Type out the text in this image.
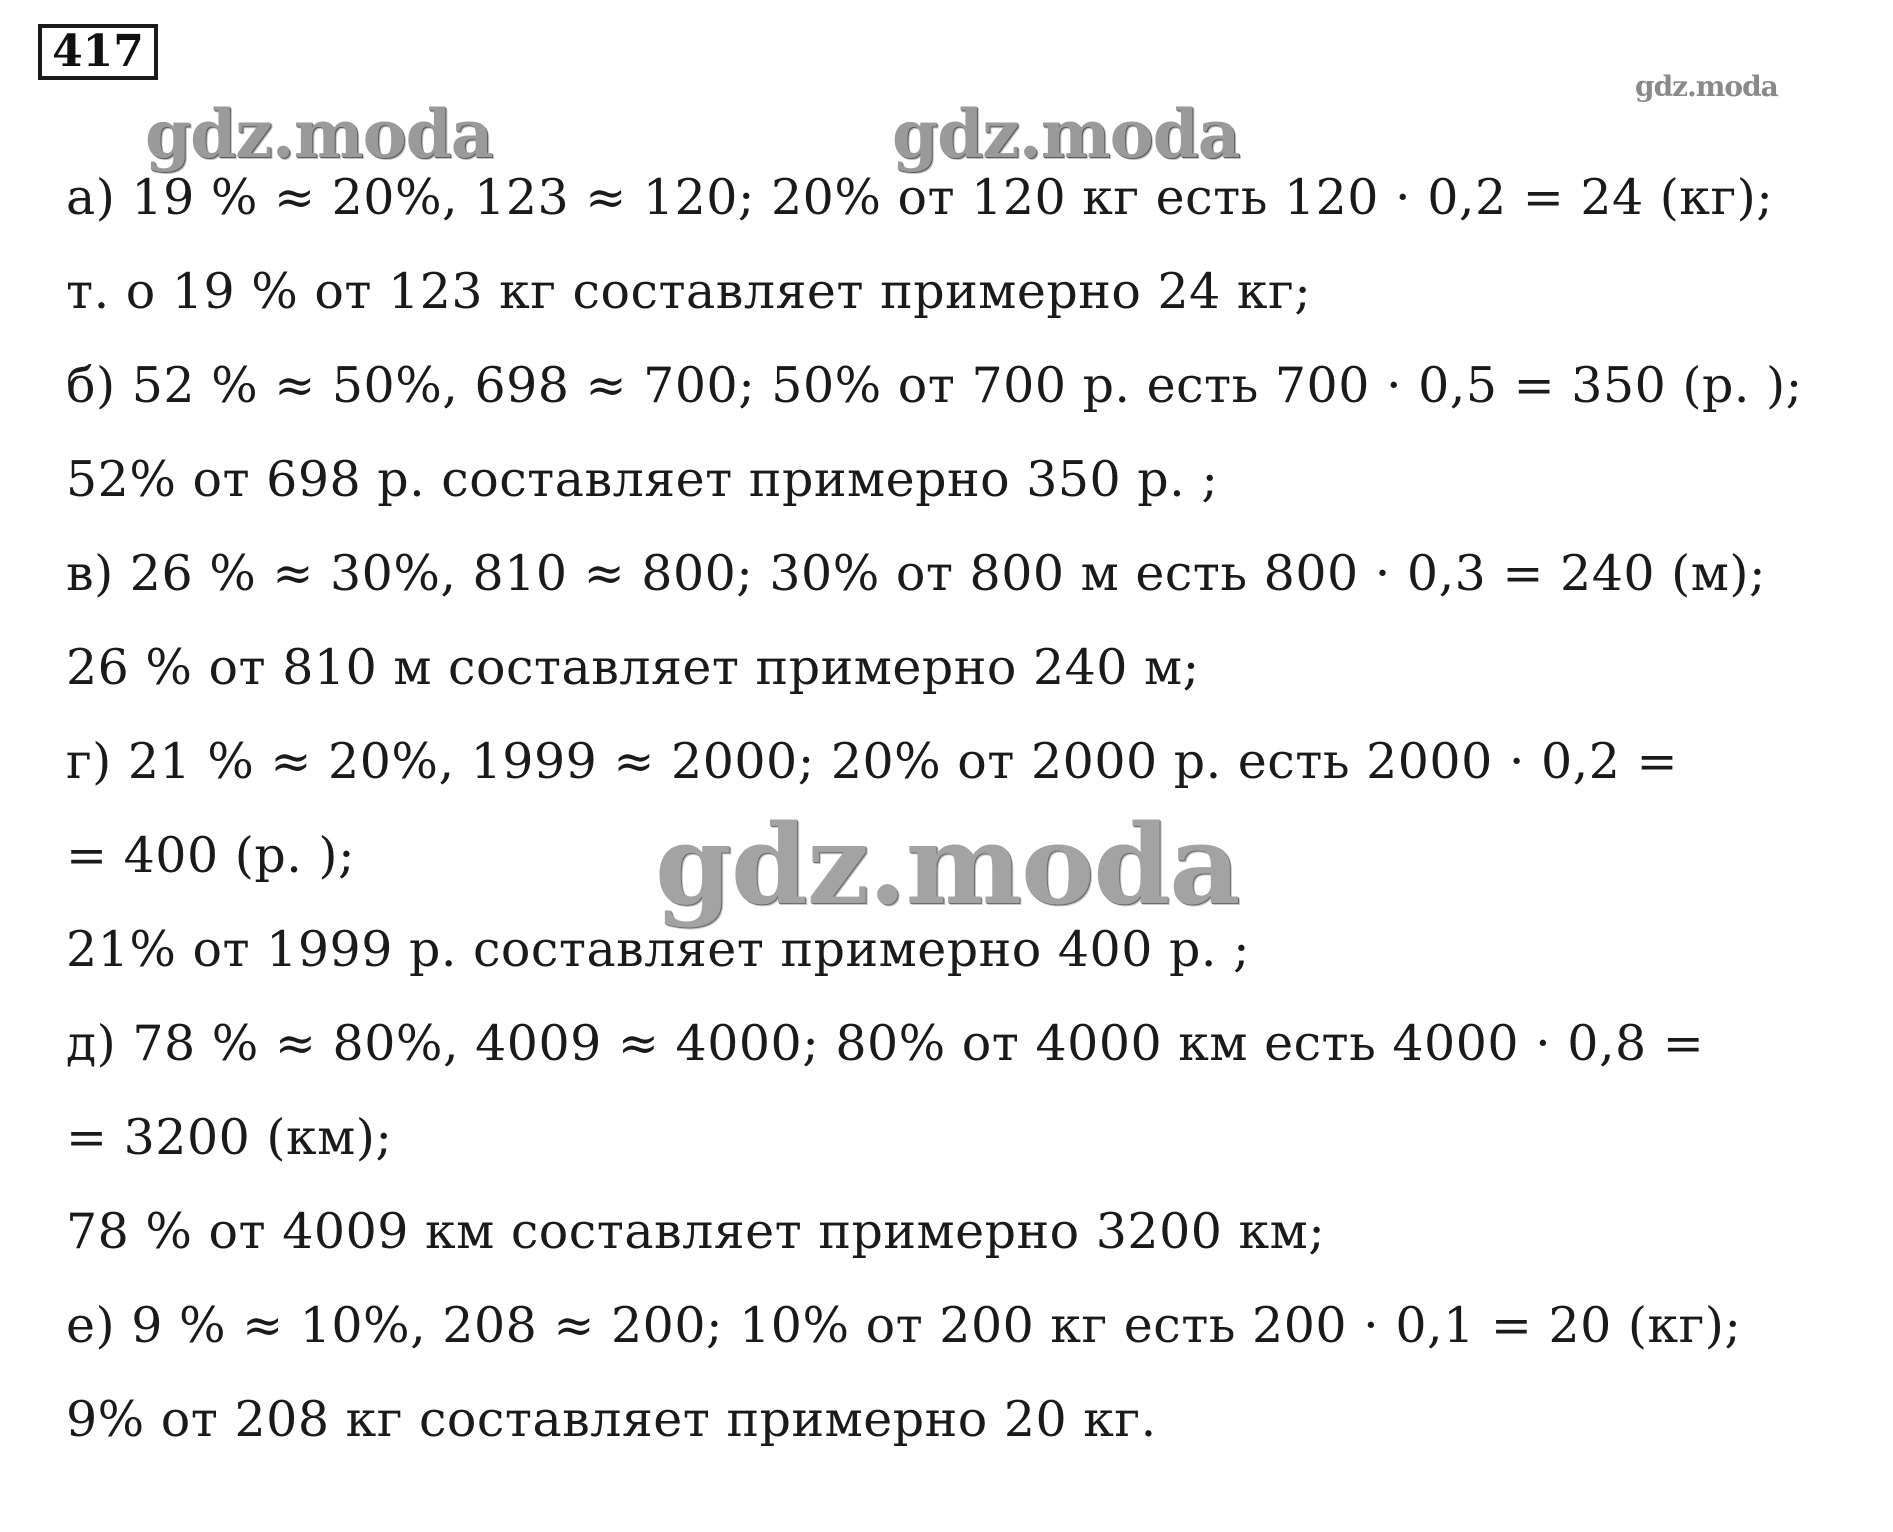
417
gdz.moda
gdz.moda	gdz.moda
а) 19 % ≈ 20%, 123 ≈ 120; 20% от 120 кг есть 120 · 0,2 = 24 (кг);
т. о 19 % от 123 кг составляет примерно 24 кг;
б) 52 % ≈ 50%, 698 ≈ 700; 50% от 700 р. есть 700 · 0,5 = 350 (р. );
52% от 698 р. составляет примерно 350 р. ;
в) 26 % ≈ 30%, 810 ≈ 800; 30% от 800 м есть 800 · 0,3 = 240 (м);
26 % от 810 м составляет примерно 240 м;
г) 21 % ≈ 20%, 1999 ≈ 2000; 20% от 2000 р. есть 2000 · 0,2 =
= 400 (р. );
21% от 1999 р. составляет примерно 400 р. ;
д) 78 % ≈ 80%, 4009 ≈ 4000; 80% от 4000 км есть 4000 · 0,8 =
= 3200 (км);
78 % от 4009 км составляет примерно 3200 км;
е) 9 % ≈ 10%, 208 ≈ 200; 10% от 200 кг есть 200 · 0,1 = 20 (кг);
9% от 208 кг составляет примерно 20 кг.
gdz.moda
